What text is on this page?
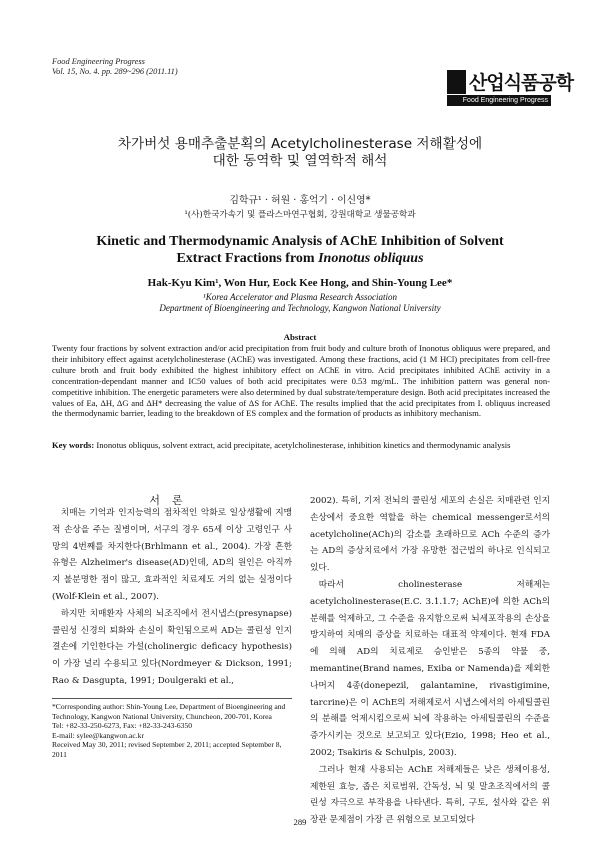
Food Engineering Progress
Vol. 15, No. 4. pp. 289~296 (2011.11)
산업식품공학
Food Engineering Progress
차가버섯 용매추출분획의 Acetylcholinesterase 저해활성에
대한 동역학 및 열역학적 해석
김학규¹ · 허원 · 홍억기 · 이신영*
¹(사)한국가속기 및 플라스마연구협회, 강원대학교 생물공학과
Kinetic and Thermodynamic Analysis of AChE Inhibition of Solvent
Extract Fractions from Inonotus obliquus
Hak-Kyu Kim¹, Won Hur, Eock Kee Hong, and Shin-Young Lee*
¹Korea Accelerator and Plasma Research Association
Department of Bioengineering and Technology, Kangwon National University
Abstract

Twenty four fractions by solvent extraction and/or acid precipitation from fruit body and culture broth of Inonotus obliquus were prepared, and their inhibitory effect against acetylcholinesterase (AChE) was investigated. Among these fractions, acid (1 M HCl) precipitates from cell-free culture broth and fruit body exhibited the highest inhibitory effect on AChE in vitro. Acid precipitates inhibited AChE activity in a concentration-dependant manner and IC50 values of both acid precipitates were 0.53 mg/mL. The inhibition pattern was general non-competitive inhibition. The energetic parameters were also determined by dual substrate/temperature design. Both acid precipitates increased the values of Ea, ΔH, ΔG and ΔH* decreasing the value of ΔS for AChE. The results implied that the acid precipitates from I. obliquus increased the thermodynamic barrier, leading to the breakdown of ES complex and the formation of products as inhibitory mechanism.

Key words: Inonotus obliquus, solvent extract, acid precipitate, acetylcholinesterase, inhibition kinetics and thermodynamic analysis
서론

치매는 기억과 인지능력의 점차적인 악화로 일상생활에 지맹적 손상을 주는 질병이며, 서구의 경우 65세 이상 고령인구 사망의 4번째를 차지한다(Brhlmann et al., 2004). 가장 흔한 유형은 Alzheimer's disease(AD)인데, AD의 원인은 아직까지 불분명한 점이 많고, 효과적인 치료제도 거의 없는 실정이다(Wolf-Klein et al., 2007).

하지만 치매환자 사체의 뇌조직에서 전시냅스(presynapse) 콜린성 신경의 퇴화와 손실이 확인됨으로써 AD는 콜린성 인지결손에 기인한다는 가설(cholinergic deficacy hypothesis)이 가장 널리 수용되고 있다(Nordmeyer & Dickson, 1991; Rao & Dasgupta, 1991; Doulgeraki et al.,

*Corresponding author: Shin-Young Lee, Department of Bioengineering and Technology, Kangwon National University, Chuncheon, 200-701, Korea

Tel: +82-33-250-6273, Fax: +82-33-243-6350

E-mail: sylee@kangwon.ac.kr

Received May 30, 2011; revised September 2, 2011; accepted September 8, 2011

2002). 특히, 기저 전뇌의 콜린성 세포의 손실은 치매관련 인지손상에서 중요한 역할을 하는 chemical messenger로서의 acetylcholine(ACh)의 감소를 초래하므로 ACh 수준의 증가는 AD의 증상치료에서 가장 유망한 접근법의 하나로 인식되고 있다.

따라서 cholinesterase 저해제는 acetylcholinesterase(E.C. 3.1.1.7; AChE)에 의한 ACh의 분해를 억제하고, 그 수준을 유지함으로써 뇌세포작용의 손상을 방지하여 치매의 증상을 치료하는 대표적 약제이다. 현재 FDA에 의해 AD의 치료제로 승인받은 5종의 약물 중, memantine(Brand names, Exiba or Namenda)을 제외한 나머지 4종(donepezil, galantamine, rivastigimine, tarcrine)은 이 AChE의 저해제로서 시냅스에서의 아세틸콜린의 분해를 억제시킴으로써 뇌에 작용하는 아세틸콜린의 수준을 증가시키는 것으로 보고되고 있다(Ezio, 1998; Heo et al., 2002; Tsakiris & Schulpis, 2003).

그러나 현재 사용되는 AChE 저해제들은 낮은 생체이용성, 제한된 효능, 좁은 치료범위, 간독성, 뇌 및 말초조직에서의 콜린성 자극으로 부작용을 나타낸다. 특히, 구토, 설사와 같은 위장관 문제점이 가장 큰 위험으로 보고되었다

289
